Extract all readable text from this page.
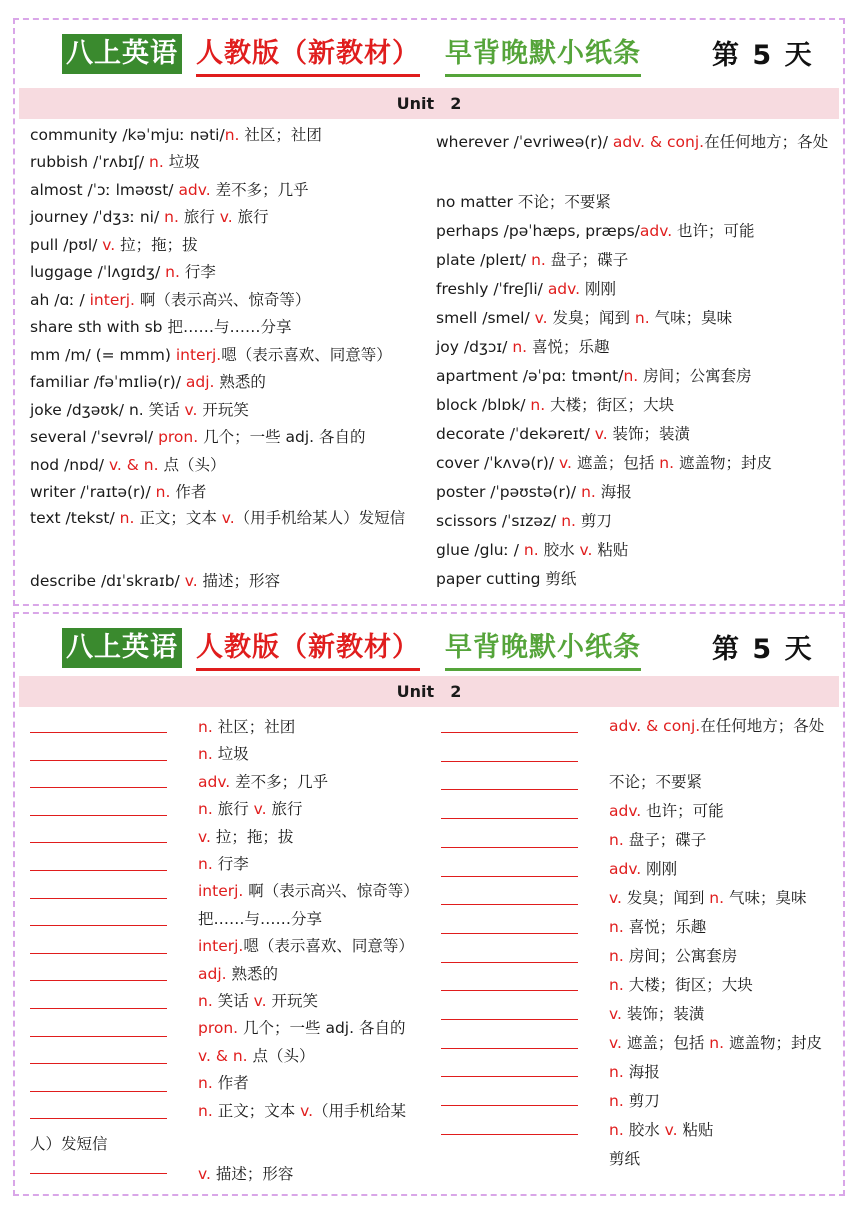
八上英语 人教版（新教材） 早背晚默小纸条	第 5 天
Unit　2
community /kəˈmjuː nəti/n. 社区；社团
rubbish /ˈrʌbɪʃ/ n. 垃圾
almost /ˈɔː lməʊst/ adv. 差不多；几乎
journey /ˈdʒɜː ni/ n. 旅行 v. 旅行
pull /pʊl/ v. 拉；拖；拔
luggage /ˈlʌɡɪdʒ/ n. 行李
ah /ɑː / interj. 啊（表示高兴、惊奇等）
share sth with sb 把……与……分享
mm /m/ (= mmm) interj.嗯（表示喜欢、同意等）
familiar /fəˈmɪliə(r)/ adj. 熟悉的
joke /dʒəʊk/ n. 笑话 v. 开玩笑
several /ˈsevrəl/ pron. 几个；一些 adj. 各自的
nod /nɒd/ v. & n. 点（头）
writer /ˈraɪtə(r)/ n. 作者
text /tekst/ n. 正文；文本 v.（用手机给某人）发短信
describe /dɪˈskraɪb/ v. 描述；形容
wherever /ˈevriweə(r)/ adv. & conj.在任何地方；各处
no matter 不论；不要紧
perhaps /pəˈhæps, præps/adv. 也许；可能
plate /pleɪt/ n. 盘子；碟子
freshly /ˈfreʃli/ adv. 刚刚
smell /smel/ v. 发臭；闻到 n. 气味；臭味
joy /dʒɔɪ/ n. 喜悦；乐趣
apartment /əˈpɑː tmənt/n. 房间；公寓套房
block /blɒk/ n. 大楼；街区；大块
decorate /ˈdekəreɪt/ v. 装饰；装潢
cover /ˈkʌvə(r)/ v. 遮盖；包括 n. 遮盖物；封皮
poster /ˈpəʊstə(r)/ n. 海报
scissors /ˈsɪzəz/ n. 剪刀
glue /gluː / n. 胶水 v. 粘贴
paper cutting 剪纸
八上英语 人教版（新教材） 早背晚默小纸条	第 5 天
Unit　2
n. 社区；社团
n. 垃圾
adv. 差不多；几乎
n. 旅行 v. 旅行
v. 拉；拖；拔
n. 行李
interj. 啊（表示高兴、惊奇等）
把……与……分享
interj.嗯（表示喜欢、同意等）
adj. 熟悉的
n. 笑话 v. 开玩笑
pron. 几个；一些 adj. 各自的
v. & n. 点（头）
n. 作者
n. 正文；文本 v.（用手机给某
v. 描述；形容
人）发短信
adv. & conj.在任何地方；各处
不论；不要紧
adv. 也许；可能
n. 盘子；碟子
adv. 刚刚
v. 发臭；闻到 n. 气味；臭味
n. 喜悦；乐趣
n. 房间；公寓套房
n. 大楼；街区；大块
v. 装饰；装潢
v. 遮盖；包括 n. 遮盖物；封皮
n. 海报
n. 剪刀
n. 胶水 v. 粘贴
剪纸
